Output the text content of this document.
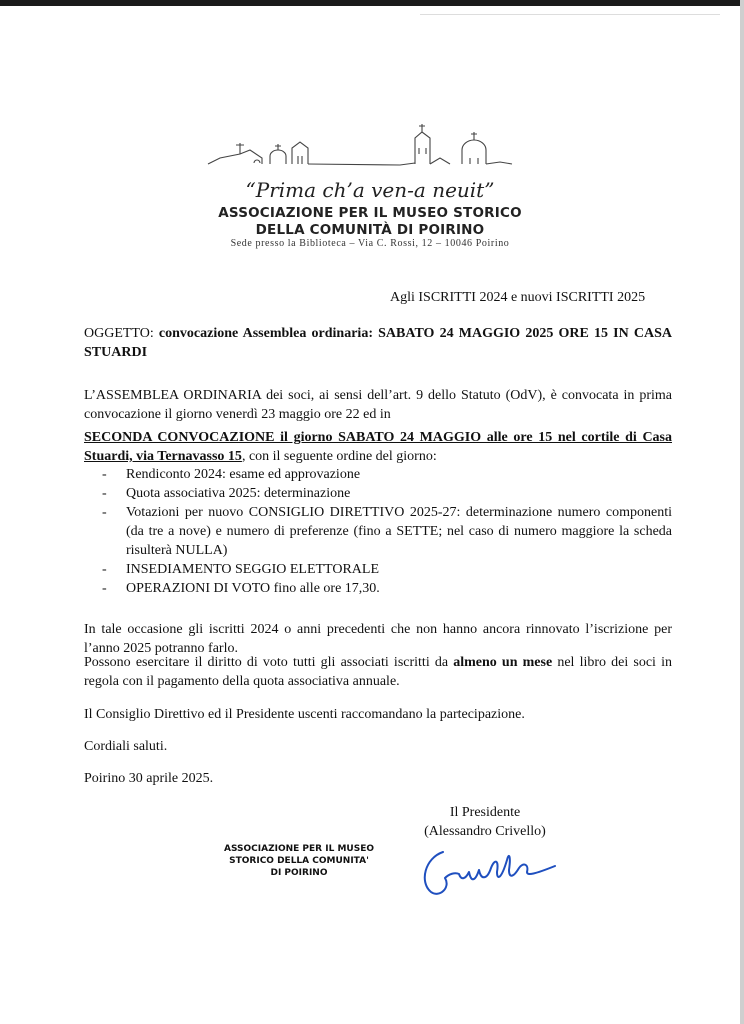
“Prima ch’a ven-a neuit”
ASSOCIAZIONE PER IL MUSEO STORICO
DELLA COMUNITÀ DI POIRINO
Sede presso la Biblioteca – Via C. Rossi, 12 – 10046 Poirino
Agli ISCRITTI 2024 e nuovi ISCRITTI 2025
OGGETTO: convocazione Assemblea ordinaria: SABATO 24 MAGGIO 2025 ORE 15 IN CASA STUARDI
L’ASSEMBLEA ORDINARIA dei soci, ai sensi dell’art. 9 dello Statuto (OdV), è convocata in prima convocazione il giorno venerdì 23 maggio ore 22 ed in
SECONDA CONVOCAZIONE il giorno SABATO 24 MAGGIO alle ore 15 nel cortile di Casa Stuardi, via Ternavasso 15, con il seguente ordine del giorno:
- Rendiconto 2024: esame ed approvazione
- Quota associativa 2025: determinazione
- Votazioni per nuovo CONSIGLIO DIRETTIVO 2025-27: determinazione numero componenti (da tre a nove) e numero di preferenze (fino a SETTE; nel caso di numero maggiore la scheda risulterà NULLA)
- INSEDIAMENTO SEGGIO ELETTORALE
- OPERAZIONI DI VOTO fino alle ore 17,30.
In tale occasione gli iscritti 2024 o anni precedenti che non hanno ancora rinnovato l’iscrizione per l’anno 2025 potranno farlo.
Possono esercitare il diritto di voto tutti gli associati iscritti da almeno un mese nel libro dei soci in regola con il pagamento della quota associativa annuale.
Il Consiglio Direttivo ed il Presidente uscenti raccomandano la partecipazione.
Cordiali saluti.
Poirino 30 aprile 2025.
Il Presidente
(Alessandro Crivello)
ASSOCIAZIONE PER IL MUSEO
STORICO DELLA COMUNITA'
DI POIRINO
